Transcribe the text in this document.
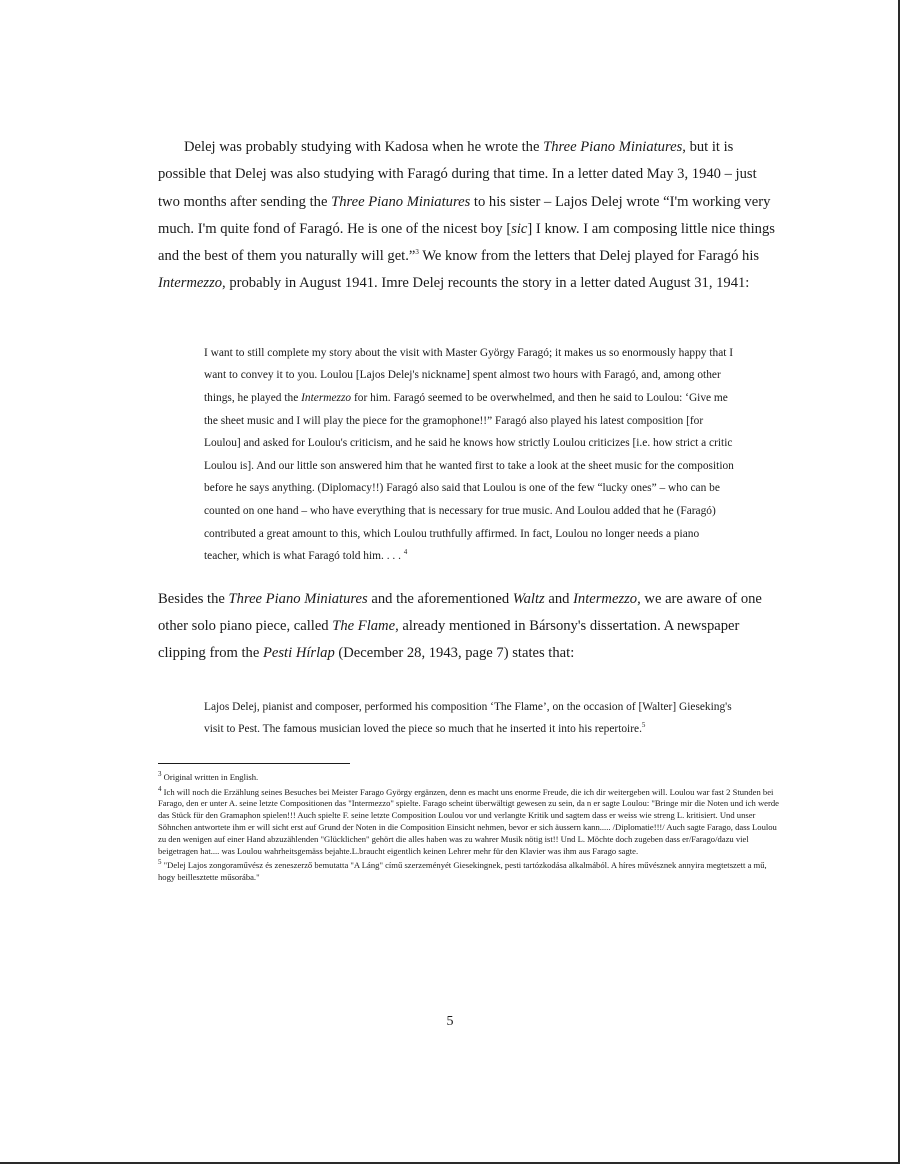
Delej was probably studying with Kadosa when he wrote the Three Piano Miniatures, but it is possible that Delej was also studying with Faragó during that time. In a letter dated May 3, 1940 – just two months after sending the Three Piano Miniatures to his sister – Lajos Delej wrote “I'm working very much. I'm quite fond of Faragó. He is one of the nicest boy [sic] I know. I am composing little nice things and the best of them you naturally will get.”$^3$ We know from the letters that Delej played for Faragó his Intermezzo, probably in August 1941. Imre Delej recounts the story in a letter dated August 31, 1941:

I want to still complete my story about the visit with Master György Faragó; it makes us so enormously happy that I want to convey it to you. Loulou [Lajos Delej's nickname] spent almost two hours with Faragó, and, among other things, he played the Intermezzo for him. Faragó seemed to be overwhelmed, and then he said to Loulou: ‘Give me the sheet music and I will play the piece for the gramophone!!” Faragó also played his latest composition [for Loulou] and asked for Loulou's criticism, and he said he knows how strictly Loulou criticizes [i.e. how strict a critic Loulou is]. And our little son answered him that he wanted first to take a look at the sheet music for the composition before he says anything. (Diplomacy!!) Faragó also said that Loulou is one of the few “lucky ones” – who can be counted on one hand – who have everything that is necessary for true music. And Loulou added that he (Faragó) contributed a great amount to this, which Loulou truthfully affirmed. In fact, Loulou no longer needs a piano teacher, which is what Faragó told him. . . . $^4$

Besides the Three Piano Miniatures and the aforementioned Waltz and Intermezzo, we are aware of one other solo piano piece, called The Flame, already mentioned in Bársony's dissertation. A newspaper clipping from the Pesti Hírlap (December 28, 1943, page 7) states that:

Lajos Delej, pianist and composer, performed his composition ‘The Flame’, on the occasion of [Walter] Gieseking's visit to Pest. The famous musician loved the piece so much that he inserted it into his repertoire.$^5$

$^3$ Original written in English.

$^4$ Ich will noch die Erzählung seines Besuches bei Meister Farago György ergänzen, denn es macht uns enorme Freude, die ich dir weitergeben will. Loulou war fast 2 Stunden bei Farago, den er unter A. seine letzte Compositionen das "Intermezzo" spielte. Farago scheint überwältigt gewesen zu sein, da n er sagte Loulou: "Bringe mir die Noten und ich werde das Stück für den Gramaphon spielen!!! Auch spielte F. seine letzte Composition Loulou vor und verlangte Kritik und sagtem dass er weiss wie streng L. kritisiert. Und unser Söhnchen antwortete ihm er will sicht erst auf Grund der Noten in die Composition Einsicht nehmen, bevor er sich äussern kann..... /Diplomatie!!!/ Auch sagte Farago, dass Loulou zu den wenigen auf einer Hand abzuzählenden "Glücklichen" gehört die alles haben was zu wahrer Musik nötig ist!! Und L. Möchte doch zugeben dass er/Farago/dazu viel beigetragen hat.... was Loulou wahrheitsgemäss bejahte.L.braucht eigentlich keinen Lehrer mehr für den Klavier was ihm aus Farago sagte.

$^5$ "Delej Lajos zongoraművész és zeneszerző bemutatta "A Láng" című szerzeményét Giesekingnek, pesti tartózkodása alkalmából. A híres művésznek annyira megtetszett a mű, hogy beillesztette műsorába."

5
